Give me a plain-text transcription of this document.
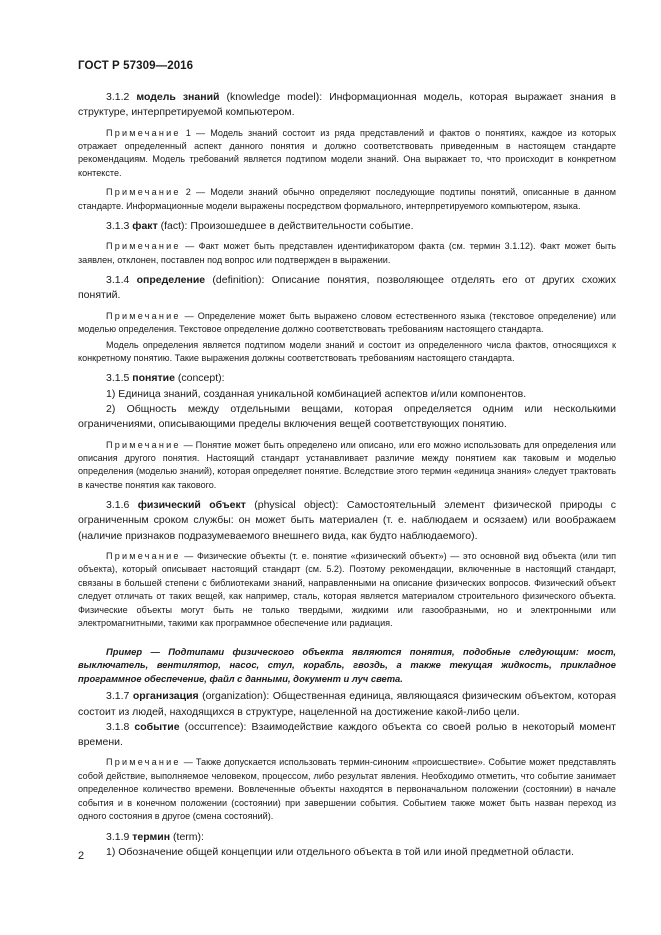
ГОСТ Р 57309—2016

3.1.2 модель знаний (knowledge model): Информационная модель, которая выражает знания в структуре, интерпретируемой компьютером.

Примечание 1 — Модель знаний состоит из ряда представлений и фактов о понятиях, каждое из которых отражает определенный аспект данного понятия и должно соответствовать приведенным в настоящем стандарте рекомендациям. Модель требований является подтипом модели знаний. Она выражает то, что происходит в конкретном контексте.

Примечание 2 — Модели знаний обычно определяют последующие подтипы понятий, описанные в данном стандарте. Информационные модели выражены посредством формального, интерпретируемого компьютером, языка.

3.1.3 факт (fact): Произошедшее в действительности событие.

Примечание — Факт может быть представлен идентификатором факта (см. термин 3.1.12). Факт может быть заявлен, отклонен, поставлен под вопрос или подтвержден в выражении.

3.1.4 определение (definition): Описание понятия, позволяющее отделять его от других схожих понятий.

Примечание — Определение может быть выражено словом естественного языка (текстовое определение) или моделью определения. Текстовое определение должно соответствовать требованиям настоящего стандарта.

Модель определения является подтипом модели знаний и состоит из определенного числа фактов, относящихся к конкретному понятию. Такие выражения должны соответствовать требованиям настоящего стандарта.

3.1.5 понятие (concept):

1) Единица знаний, созданная уникальной комбинацией аспектов и/или компонентов.

2) Общность между отдельными вещами, которая определяется одним или несколькими ограничениями, описывающими пределы включения вещей соответствующих понятию.

Примечание — Понятие может быть определено или описано, или его можно использовать для определения или описания другого понятия. Настоящий стандарт устанавливает различие между понятием как таковым и моделью определения (моделью знаний), которая определяет понятие. Вследствие этого термин «единица знания» следует трактовать в качестве понятия как такового.

3.1.6 физический объект (physical object): Самостоятельный элемент физической природы с ограниченным сроком службы: он может быть материален (т. е. наблюдаем и осязаем) или воображаем (наличие признаков подразумеваемого внешнего вида, как будто наблюдаемого).

Примечание — Физические объекты (т. е. понятие «физический объект») — это основной вид объекта (или тип объекта), который описывает настоящий стандарт (см. 5.2). Поэтому рекомендации, включенные в настоящий стандарт, связаны в большей степени с библиотеками знаний, направленными на описание физических вопросов. Физический объект следует отличать от таких вещей, как например, сталь, которая является материалом строительного физического объекта. Физические объекты могут быть не только твердыми, жидкими или газообразными, но и электронными или электромагнитными, такими как программное обеспечение или радиация.

Пример — Подтипами физического объекта являются понятия, подобные следующим: мост, выключатель, вентилятор, насос, стул, корабль, гвоздь, а также текущая жидкость, прикладное программное обеспечение, файл с данными, документ и луч света.

3.1.7 организация (organization): Общественная единица, являющаяся физическим объектом, которая состоит из людей, находящихся в структуре, нацеленной на достижение какой-либо цели.

3.1.8 событие (occurrence): Взаимодействие каждого объекта со своей ролью в некоторый момент времени.

Примечание — Также допускается использовать термин-синоним «происшествие». Событие может представлять собой действие, выполняемое человеком, процессом, либо результат явления. Необходимо отметить, что событие занимает определенное количество времени. Вовлеченные объекты находятся в первоначальном положении (состоянии) в начале события и в конечном положении (состоянии) при завершении события. Событием также может быть назван переход из одного состояния в другое (смена состояний).

3.1.9 термин (term):

1) Обозначение общей концепции или отдельного объекта в той или иной предметной области.

2
